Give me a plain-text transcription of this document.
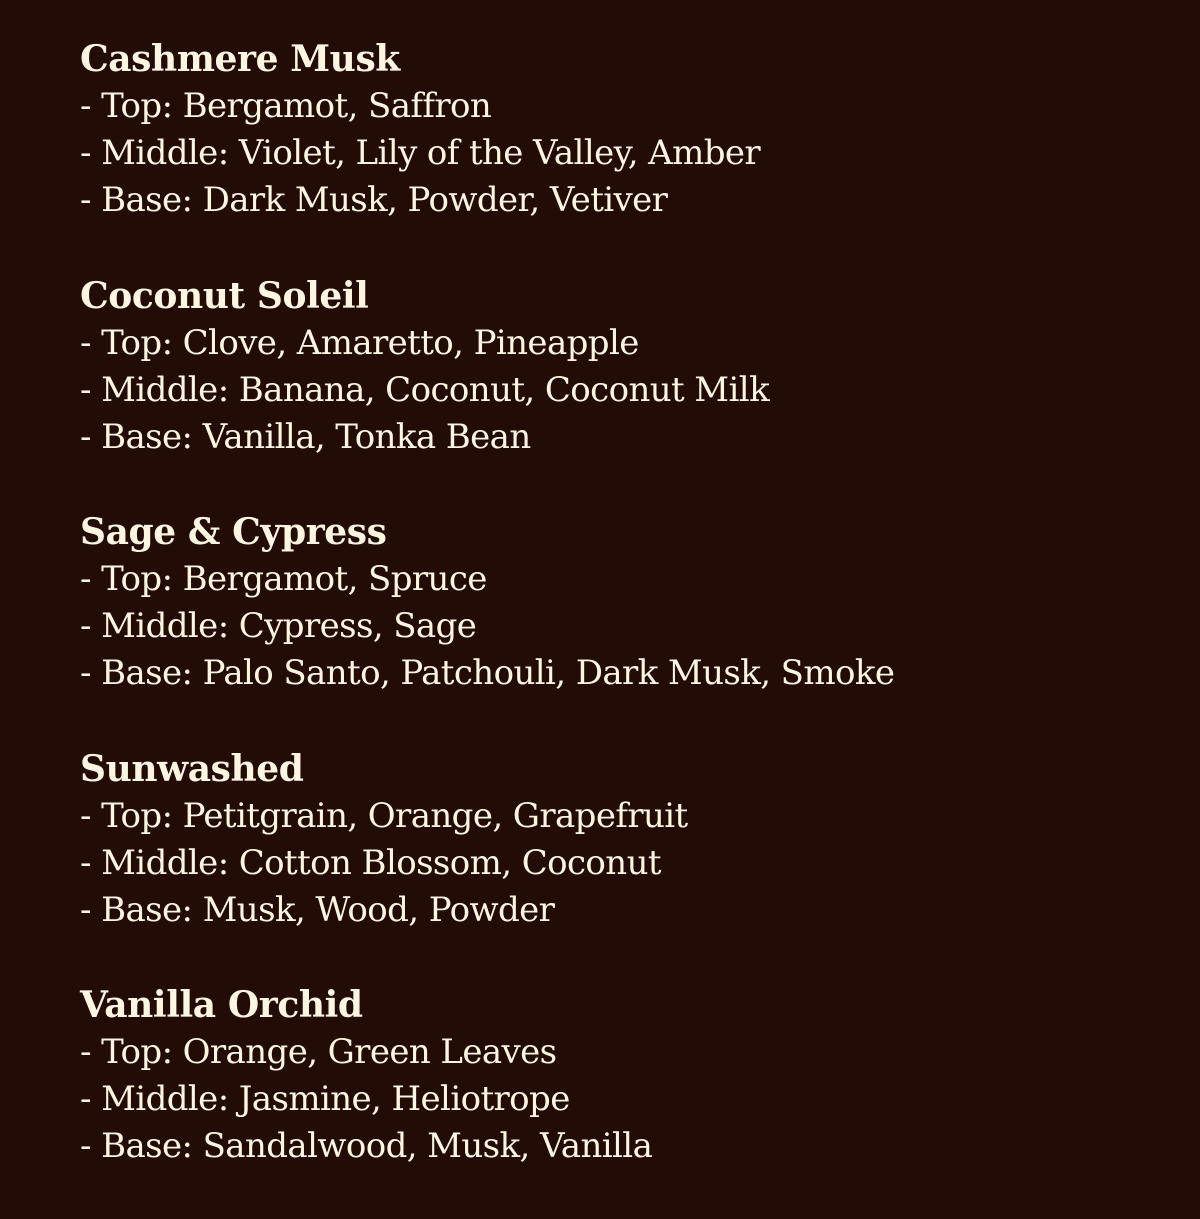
Cashmere Musk

- Top: Bergamot, Saffron

- Middle: Violet, Lily of the Valley, Amber

- Base: Dark Musk, Powder, Vetiver

Coconut Soleil

- Top: Clove, Amaretto, Pineapple

- Middle: Banana, Coconut, Coconut Milk

- Base: Vanilla, Tonka Bean

Sage & Cypress

- Top: Bergamot, Spruce

- Middle: Cypress, Sage

- Base: Palo Santo, Patchouli, Dark Musk, Smoke

Sunwashed

- Top: Petitgrain, Orange, Grapefruit

- Middle: Cotton Blossom, Coconut

- Base: Musk, Wood, Powder

Vanilla Orchid

- Top: Orange, Green Leaves

- Middle: Jasmine, Heliotrope

- Base: Sandalwood, Musk, Vanilla
